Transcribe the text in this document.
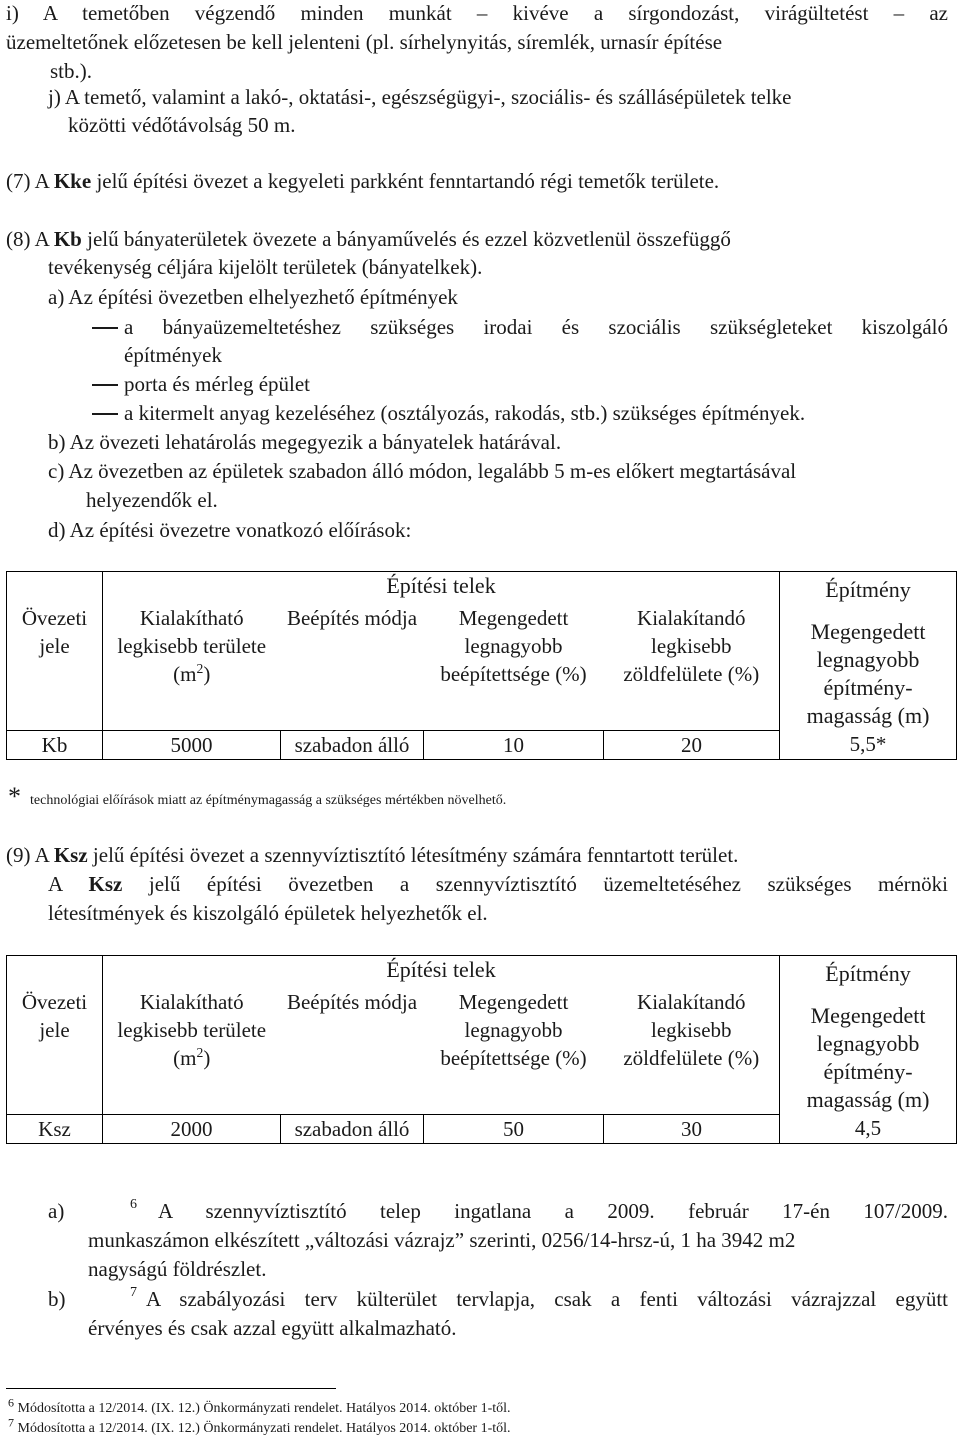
i) A temetőben végzendő minden munkát – kivéve a sírgondozást, virágültetést – az
üzemeltetőnek előzetesen be kell jelenteni (pl. sírhelynyitás, síremlék, urnasír építése
stb.).
j) A temető, valamint a lakó-, oktatási-, egészségügyi-, szociális- és szállásépületek telke
közötti védőtávolság 50 m.
(7) A Kke jelű építési övezet a kegyeleti parkként fenntartandó régi temetők területe.
(8) A Kb jelű bányaterületek övezete a bányaművelés és ezzel közvetlenül összefüggő
tevékenység céljára kijelölt területek (bányatelkek).
a) Az építési övezetben elhelyezhető építmények
a bányaüzemeltetéshez szükséges irodai és szociális szükségleteket kiszolgáló
építmények
porta és mérleg épület
a kitermelt anyag kezeléséhez (osztályozás, rakodás, stb.) szükséges építmények.
b) Az övezeti lehatárolás megegyezik a bányatelek határával.
c) Az övezetben az épületek szabadon álló módon, legalább 5 m-es előkert megtartásával
helyezendők el.
d) Az építési övezetre vonatkozó előírások:
	Építési telek				Építmény
Megengedett legnagyobb építmény-magasság (m)

Övezeti jele	Kialakítható legkisebb területe $(m^2)$	Beépítés módja	Megengedett legnagyobb beépítettsége (%)	Kialakítandó legkisebb zöldfelülete (%)	
Kb	5000	szabadon álló	10	20	5,5*
* technológiai előírások miatt az építménymagasság a szükséges mértékben növelhető.
(9) A Ksz jelű építési övezet a szennyvíztisztító létesítmény számára fenntartott terület.
A Ksz jelű építési övezetben a szennyvíztisztító üzemeltetéséhez szükséges mérnöki
létesítmények és kiszolgáló épületek helyezhetők el.
	Építési telek				Építmény
Megengedett legnagyobb építmény-magasság (m)

Övezeti jele	Kialakítható legkisebb területe $(m^2)$	Beépítés módja	Megengedett legnagyobb beépítettsége (%)	Kialakítandó legkisebb zöldfelülete (%)	
Ksz	2000	szabadon álló	50	30	4,5
a)	6 A szennyvíztisztító telep ingatlana a 2009. február 17-én 107/2009.
munkaszámon elkészített „változási vázrajz” szerinti, 0256/14-hrsz-ú, 1 ha 3942 m2
nagyságú földrészlet.
b)	7 A szabályozási terv külterület tervlapja, csak a fenti változási vázrajzzal együtt
érvényes és csak azzal együtt alkalmazható.
$^6$ Módosította a 12/2014. (IX. 12.) Önkormányzati rendelet. Hatályos 2014. október 1-től.
$^7$ Módosította a 12/2014. (IX. 12.) Önkormányzati rendelet. Hatályos 2014. október 1-től.
